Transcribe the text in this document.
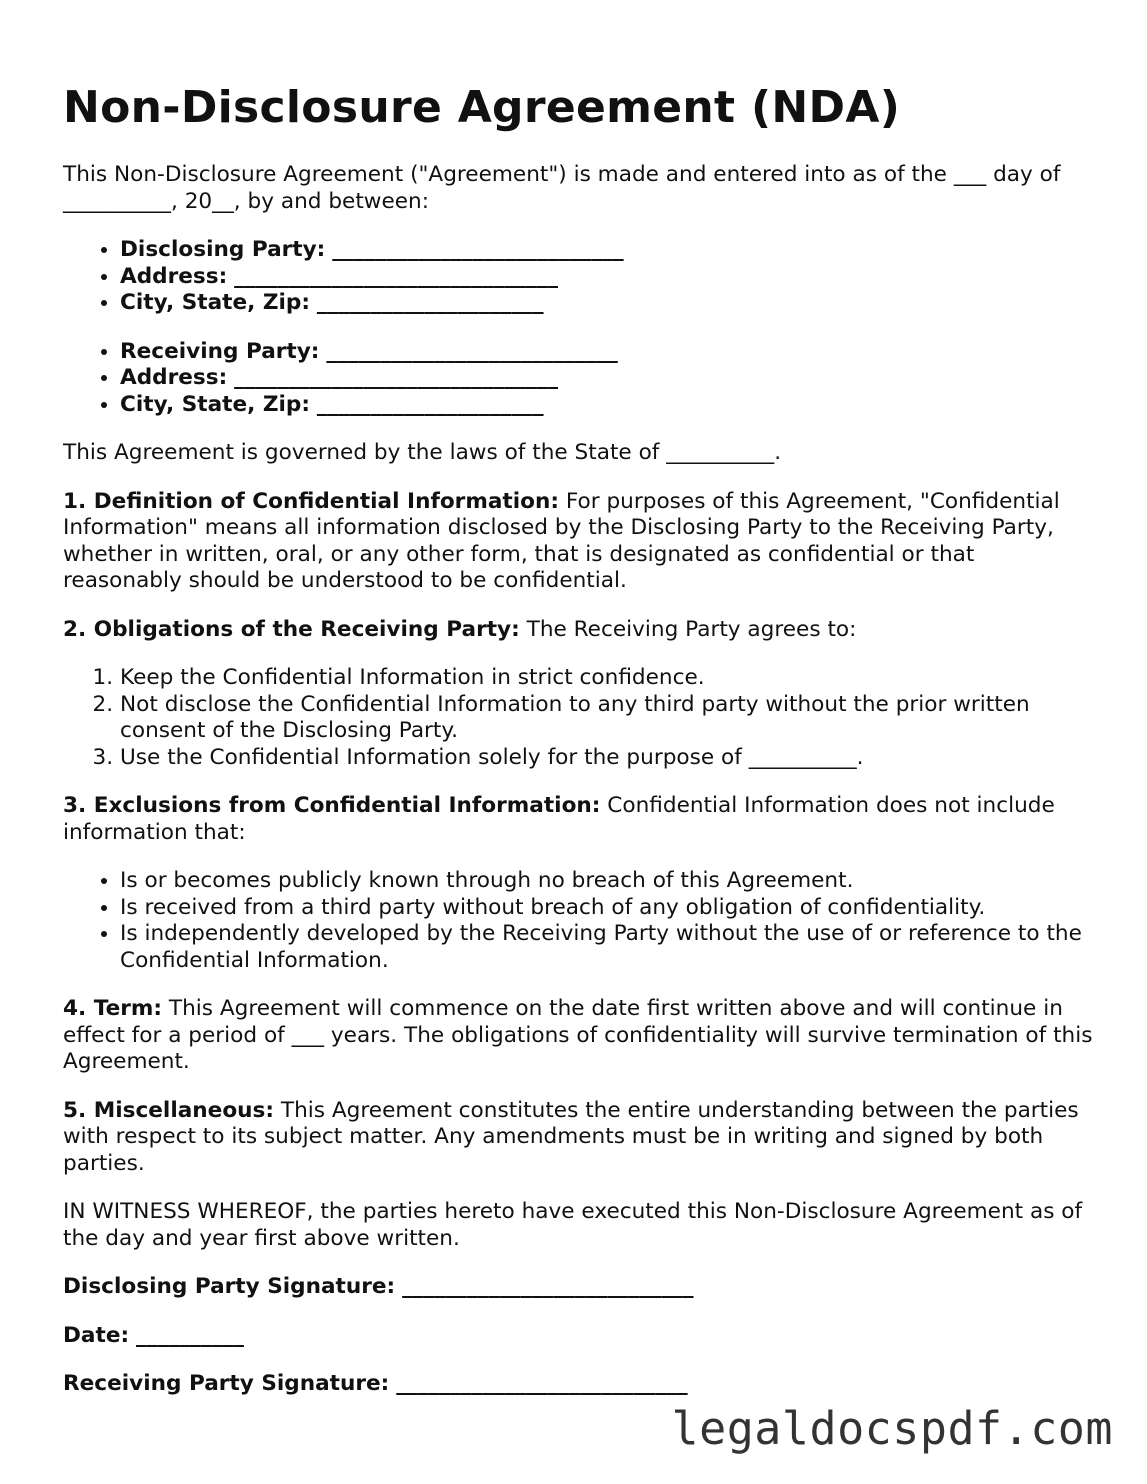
Non-Disclosure Agreement (NDA)

This Non-Disclosure Agreement ("Agreement") is made and entered into as of the ___ day of __________, 20__, by and between:

• Disclosing Party: ___________________________
• Address: ______________________________
• City, State, Zip: _____________________
• Receiving Party: ___________________________
• Address: ______________________________
• City, State, Zip: _____________________

This Agreement is governed by the laws of the State of __________.

1. Definition of Confidential Information: For purposes of this Agreement, "Confidential Information" means all information disclosed by the Disclosing Party to the Receiving Party, whether in written, oral, or any other form, that is designated as confidential or that reasonably should be understood to be confidential.

2. Obligations of the Receiving Party: The Receiving Party agrees to:

1. Keep the Confidential Information in strict confidence.
2. Not disclose the Confidential Information to any third party without the prior written consent of the Disclosing Party.
3. Use the Confidential Information solely for the purpose of __________.

3. Exclusions from Confidential Information: Confidential Information does not include information that:

• Is or becomes publicly known through no breach of this Agreement.
• Is received from a third party without breach of any obligation of confidentiality.
• Is independently developed by the Receiving Party without the use of or reference to the Confidential Information.

4. Term: This Agreement will commence on the date first written above and will continue in effect for a period of ___ years. The obligations of confidentiality will survive termination of this Agreement.

5. Miscellaneous: This Agreement constitutes the entire understanding between the parties with respect to its subject matter. Any amendments must be in writing and signed by both parties.

IN WITNESS WHEREOF, the parties hereto have executed this Non-Disclosure Agreement as of the day and year first above written.

Disclosing Party Signature: ___________________________
Date: __________
Receiving Party Signature: ___________________________
legaldocspdf.com
